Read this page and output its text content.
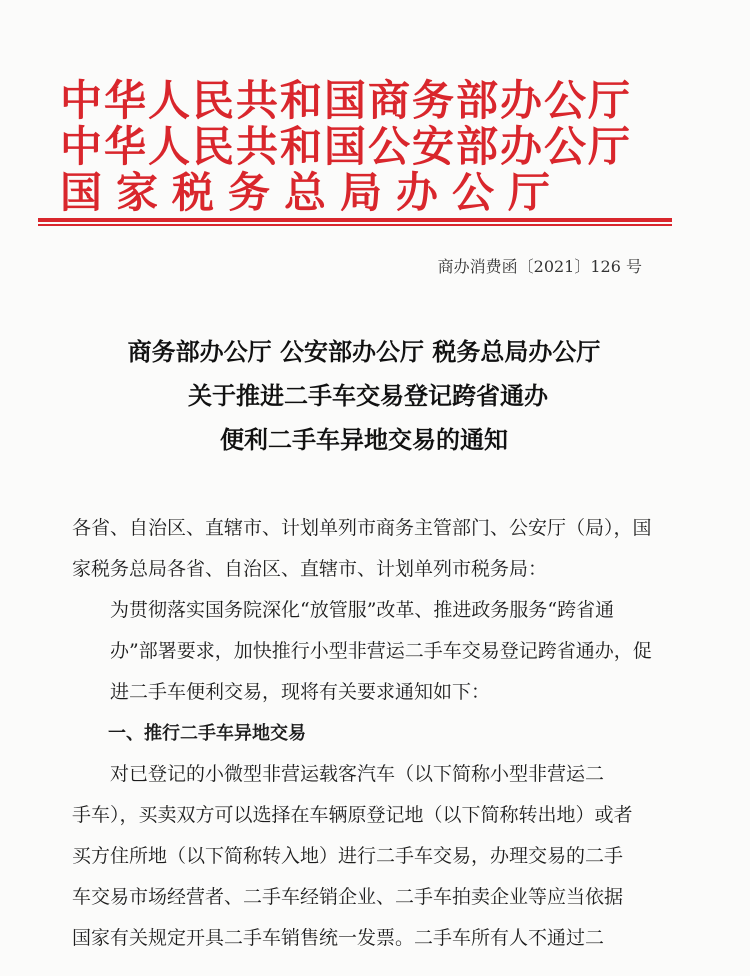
中华人民共和国商务部办公厅
中华人民共和国公安部办公厅
国家税务总局办公厅
商办消费函〔2021〕126 号
商务部办公厅 公安部办公厅 税务总局办公厅
关于推进二手车交易登记跨省通办
便利二手车异地交易的通知

各省、自治区、直辖市、计划单列市商务主管部门、公安厅（局），国
家税务总局各省、自治区、直辖市、计划单列市税务局：

为贯彻落实国务院深化“放管服”改革、推进政务服务“跨省通
办”部署要求，加快推行小型非营运二手车交易登记跨省通办，促
进二手车便利交易，现将有关要求通知如下：

一、推行二手车异地交易

对已登记的小微型非营运载客汽车（以下简称小型非营运二
手车），买卖双方可以选择在车辆原登记地（以下简称转出地）或者
买方住所地（以下简称转入地）进行二手车交易，办理交易的二手
车交易市场经营者、二手车经销企业、二手车拍卖企业等应当依据
国家有关规定开具二手车销售统一发票。二手车所有人不通过二
